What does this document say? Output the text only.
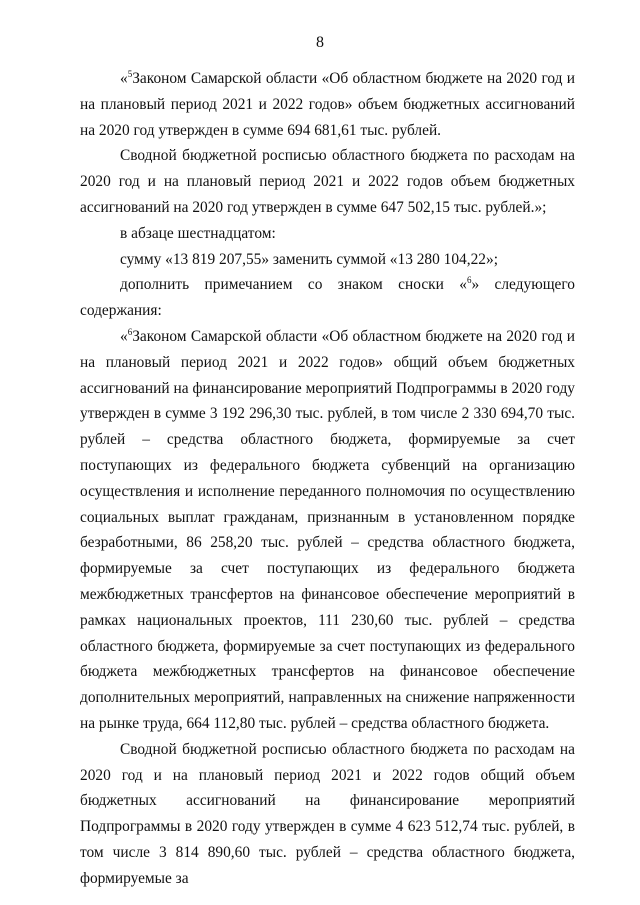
8

«$^5$Законом Самарской области «Об областном бюджете на 2020 год и на плановый период 2021 и 2022 годов» объем бюджетных ассигнований на 2020 год утвержден в сумме 694 681,61 тыс. рублей.

Сводной бюджетной росписью областного бюджета по расходам на 2020 год и на плановый период 2021 и 2022 годов объем бюджетных ассигнований на 2020 год утвержден в сумме 647 502,15 тыс. рублей.»;

в абзаце шестнадцатом:

сумму «13 819 207,55» заменить суммой «13 280 104,22»;

дополнить примечанием со знаком сноски «$^6$» следующего содержания:

«$^6$Законом Самарской области «Об областном бюджете на 2020 год и на плановый период 2021 и 2022 годов» общий объем бюджетных ассигнований на финансирование мероприятий Подпрограммы в 2020 году утвержден в сумме 3 192 296,30 тыс. рублей, в том числе 2 330 694,70 тыс. рублей – средства областного бюджета, формируемые за счет поступающих из федерального бюджета субвенций на организацию осуществления и исполнение переданного полномочия по осуществлению социальных выплат гражданам, признанным в установленном порядке безработными, 86 258,20 тыс. рублей – средства областного бюджета, формируемые за счет поступающих из федерального бюджета межбюджетных трансфертов на финансовое обеспечение мероприятий в рамках национальных проектов, 111 230,60 тыс. рублей – средства областного бюджета, формируемые за счет поступающих из федерального бюджета межбюджетных трансфертов на финансовое обеспечение дополнительных мероприятий, направленных на снижение напряженности на рынке труда, 664 112,80 тыс. рублей – средства областного бюджета.

Сводной бюджетной росписью областного бюджета по расходам на 2020 год и на плановый период 2021 и 2022 годов общий объем бюджетных ассигнований на финансирование мероприятий Подпрограммы в 2020 году утвержден в сумме 4 623 512,74 тыс. рублей, в том числе 3 814 890,60 тыс. рублей – средства областного бюджета, формируемые за
